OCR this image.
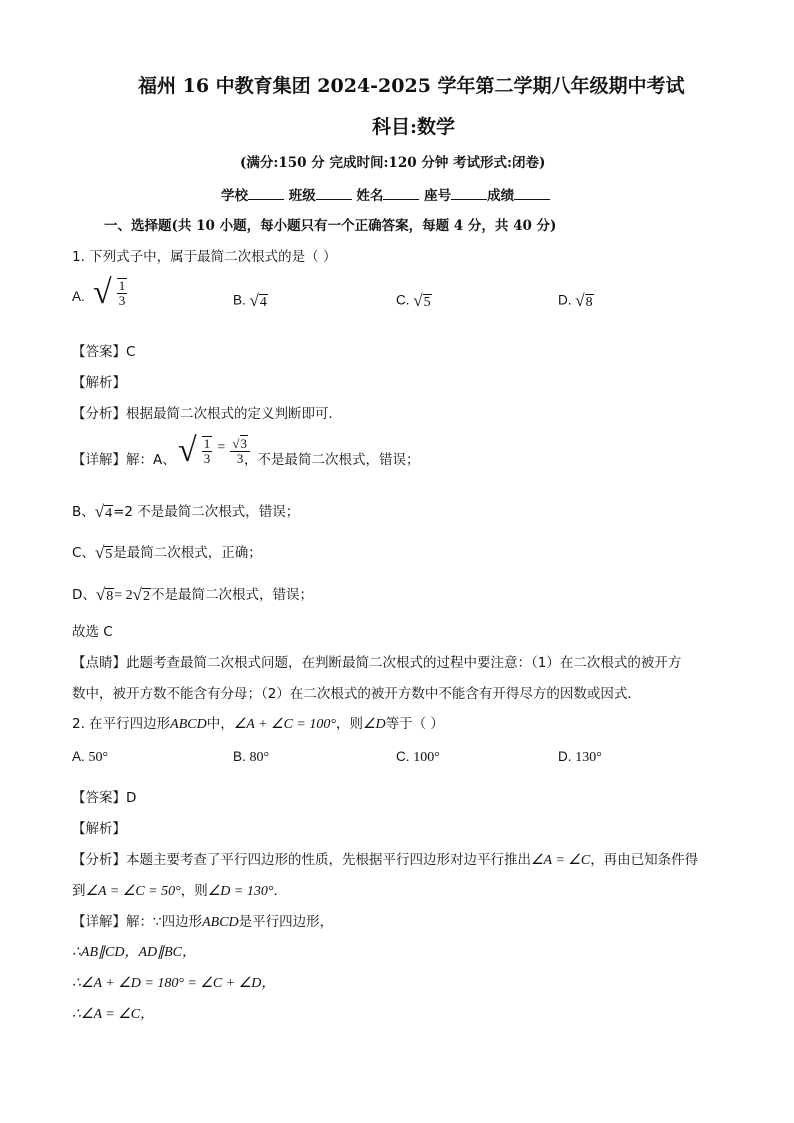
福州 16 中教育集团 2024-2025 学年第二学期八年级期中考试
科目:数学
(满分:150 分 完成时间:120 分钟 考试形式:闭卷)
学校	班级	姓名	座号	成绩
一、选择题(共 10 小题，每小题只有一个正确答案，每题 4 分，共 40 分)
1. 下列式子中，属于最简二次根式的是（ ）
A. √ $\frac{1}{3}$	B. √4	C. √5	D. √8
【答案】C
【解析】
【分析】根据最简二次根式的定义判断即可．
【详解】解：A、 √ $\frac{1}{3} = \frac{√3}{3}$
，不是最简二次根式，错误；
B、√4=2 不是最简二次根式，错误；
C、√5是最简二次根式，正确；
D、√8= 2√2不是最简二次根式，错误；
故选 C
【点睛】此题考查最简二次根式问题，在判断最简二次根式的过程中要注意：（1）在二次根式的被开方
数中，被开方数不能含有分母；（2）在二次根式的被开方数中不能含有开得尽方的因数或因式．
2. 在平行四边形ABCD中，∠A + ∠C = 100°，则∠D等于（ ）
A. 50°	B. 80°	C. 100°	D. 130°
【答案】D
【解析】
【分析】本题主要考查了平行四边形的性质，先根据平行四边形对边平行推出∠A = ∠C，再由已知条件得
到∠A = ∠C = 50°，则∠D = 130°．
【详解】解：∵四边形ABCD是平行四边形，
∴AB∥CD，AD∥BC，
∴∠A + ∠D = 180° = ∠C + ∠D，
∴∠A = ∠C，
